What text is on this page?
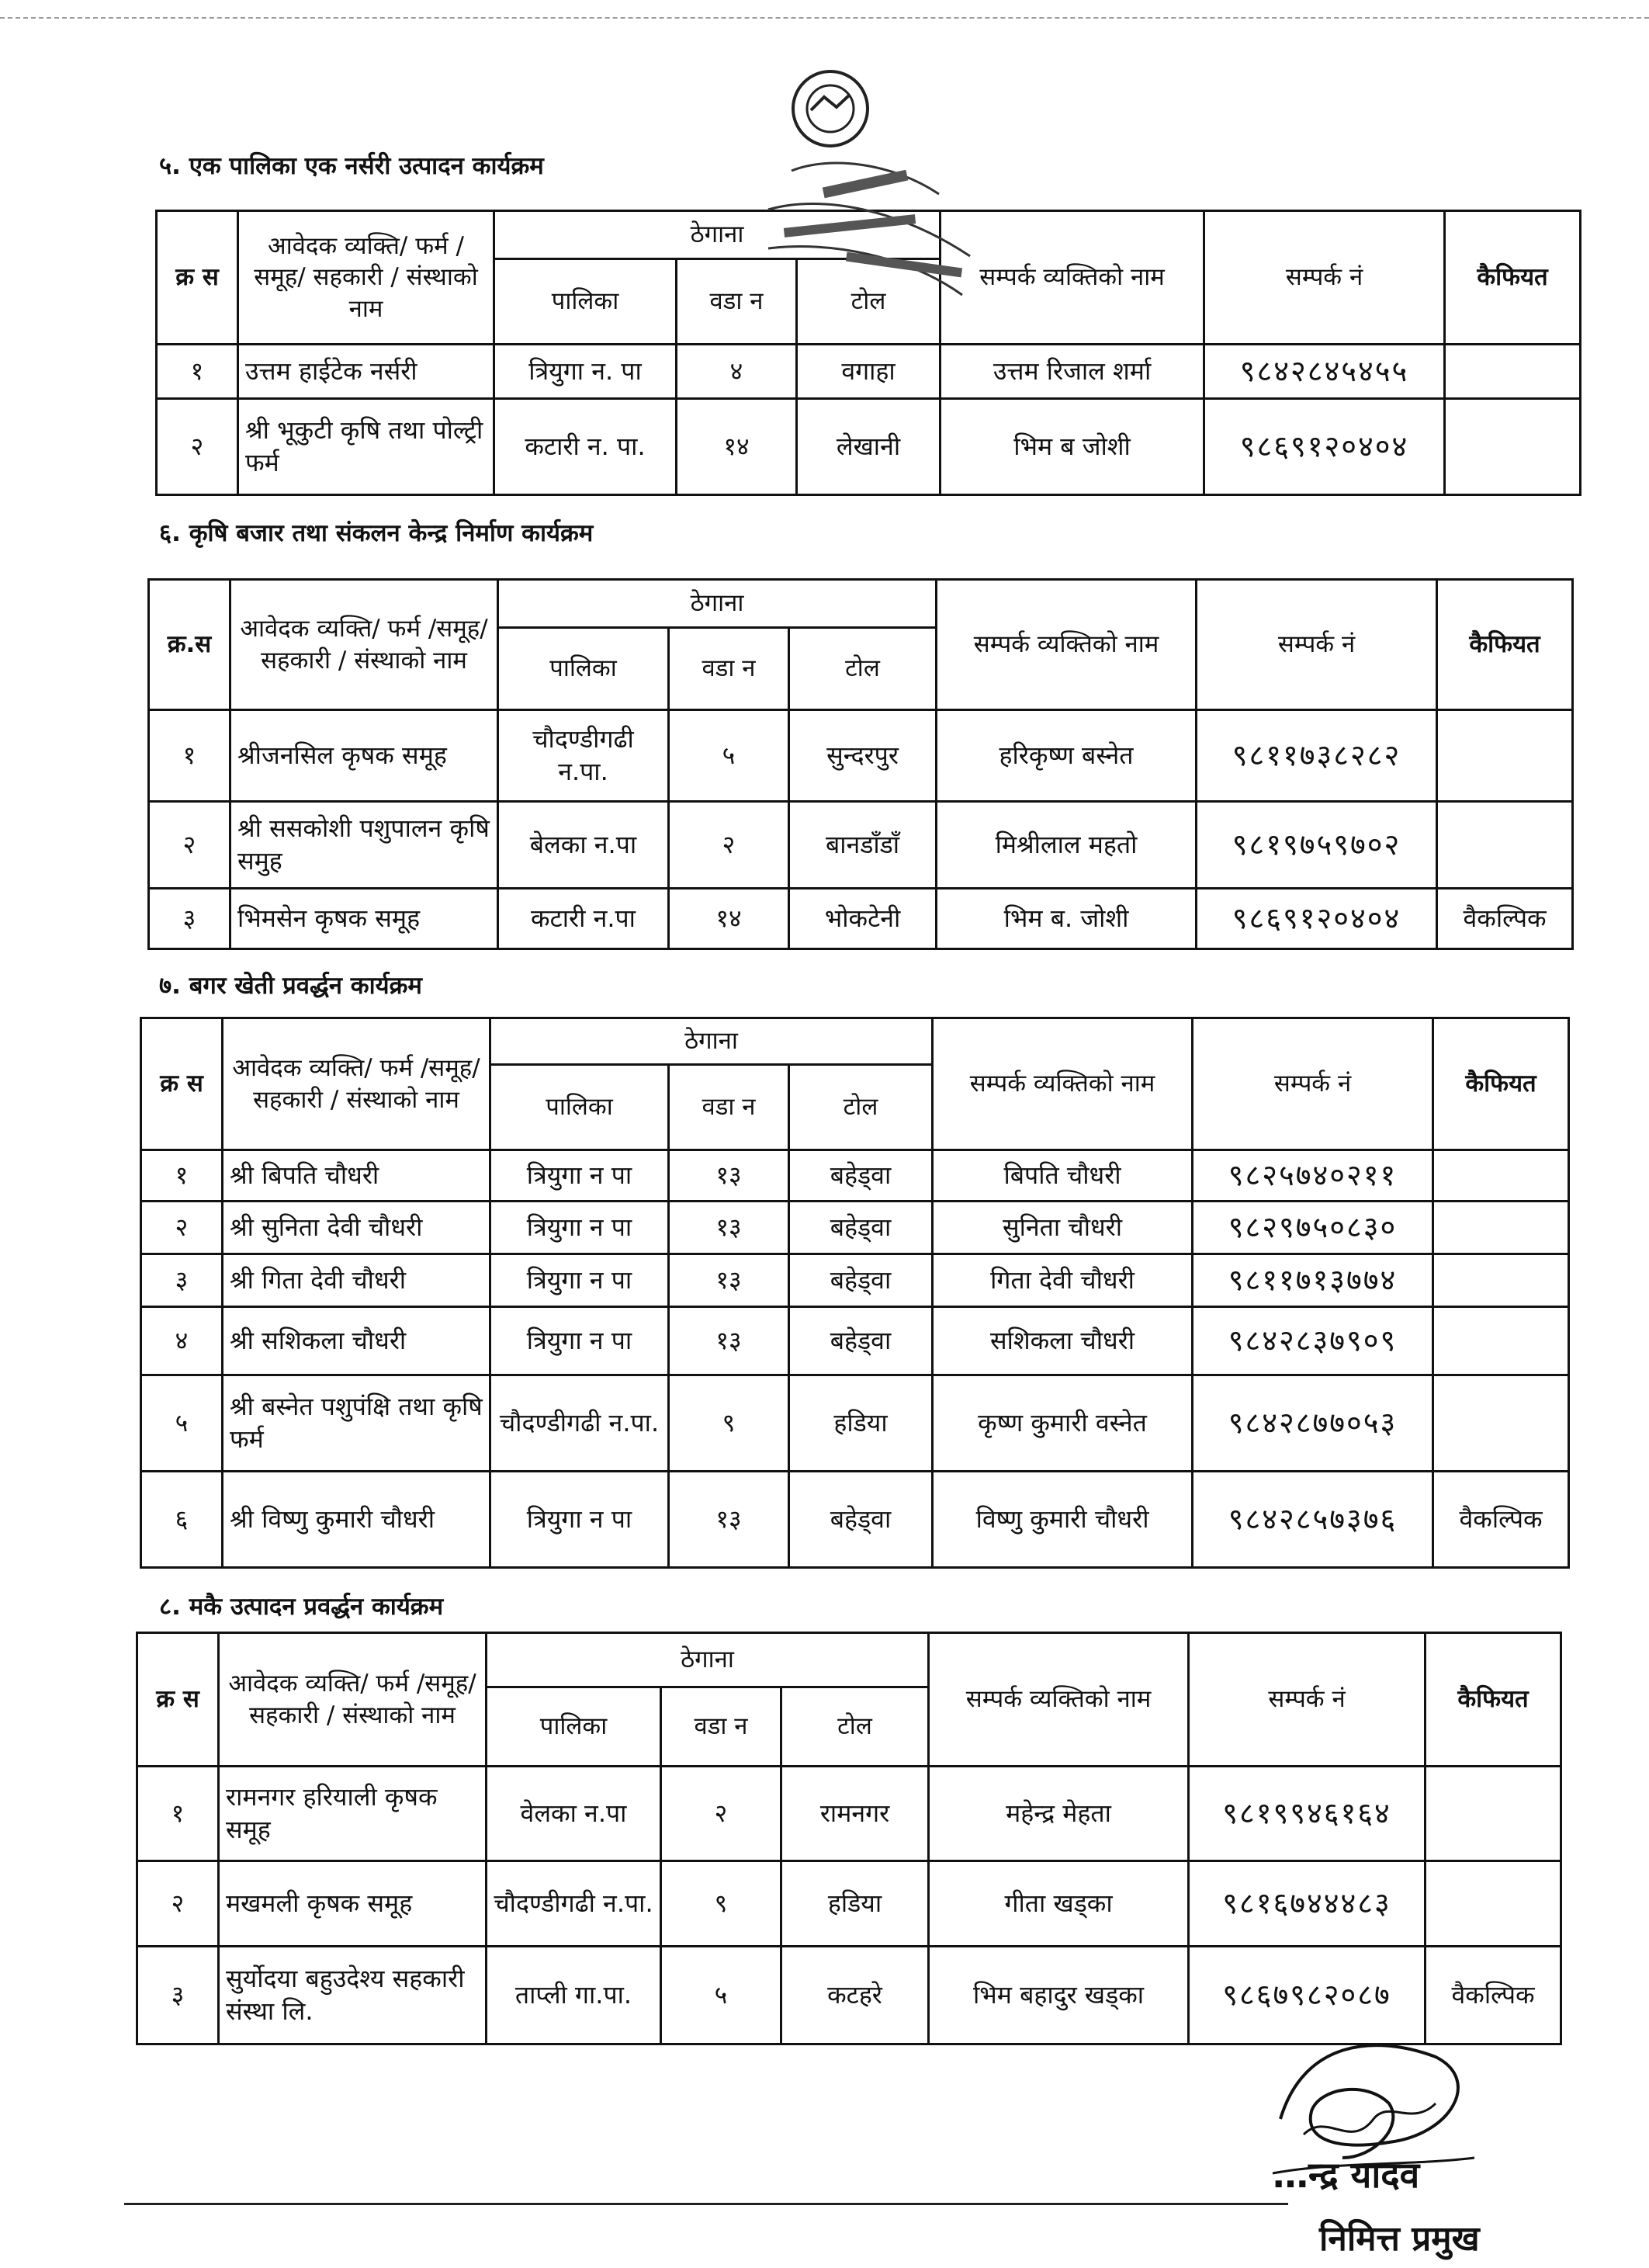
५. एक पालिका एक नर्सरी उत्पादन कार्यक्रम
क्र स	आवेदक व्यक्ति/ फर्म /समूह/ सहकारी / संस्थाको नाम	ठेगाना			सम्पर्क व्यक्तिको नाम	सम्पर्क नं	कैफियत
		पालिका	वडा न	टोल			
१	उत्तम हाईटेक नर्सरी	त्रियुगा न. पा	४	वगाहा	उत्तम रिजाल शर्मा	९८४२८४५४५५	
२	श्री भूकुटी कृषि तथा पोल्ट्री फर्म	कटारी न. पा.	१४	लेखानी	भिम ब जोशी	९८६९१२०४०४	
६. कृषि बजार तथा संकलन केन्द्र निर्माण कार्यक्रम
क्र.स	आवेदक व्यक्ति/ फर्म /समूह/ सहकारी / संस्थाको नाम	ठेगाना			सम्पर्क व्यक्तिको नाम	सम्पर्क नं	कैफियत
		पालिका	वडा न	टोल			
१	श्रीजनसिल कृषक समूह	चौदण्डीगढी न.पा.	५	सुन्दरपुर	हरिकृष्ण बस्नेत	९८११७३८२८२	
२	श्री ससकोशी पशुपालन कृषि समुह	बेलका न.पा	२	बानडाँडाँ	मिश्रीलाल महतो	९८१९७५९७०२	
३	भिमसेन कृषक समूह	कटारी न.पा	१४	भोकटेनी	भिम ब. जोशी	९८६९१२०४०४	वैकल्पिक
७. बगर खेती प्रवर्द्धन कार्यक्रम
क्र स	आवेदक व्यक्ति/ फर्म /समूह/ सहकारी / संस्थाको नाम	ठेगाना			सम्पर्क व्यक्तिको नाम	सम्पर्क नं	कैफियत
		पालिका	वडा न	टोल			
१	श्री बिपति चौधरी	त्रियुगा न पा	१३	बहेड्वा	बिपति चौधरी	९८२५७४०२११	
२	श्री सुनिता देवी चौधरी	त्रियुगा न पा	१३	बहेड्वा	सुनिता चौधरी	९८२९७५०८३०	
३	श्री गिता देवी चौधरी	त्रियुगा न पा	१३	बहेड्वा	गिता देवी चौधरी	९८११७१३७७४	
४	श्री सशिकला चौधरी	त्रियुगा न पा	१३	बहेड्वा	सशिकला चौधरी	९८४२८३७९०९	
५	श्री बस्नेत पशुपंक्षि तथा कृषि फर्म	चौदण्डीगढी न.पा.	९	हडिया	कृष्ण कुमारी वस्नेत	९८४२८७७०५३	
६	श्री विष्णु कुमारी चौधरी	त्रियुगा न पा	१३	बहेड्वा	विष्णु कुमारी चौधरी	९८४२८५७३७६	वैकल्पिक
८. मकै उत्पादन प्रवर्द्धन कार्यक्रम
क्र स	आवेदक व्यक्ति/ फर्म /समूह/ सहकारी / संस्थाको नाम	ठेगाना			सम्पर्क व्यक्तिको नाम	सम्पर्क नं	कैफियत
		पालिका	वडा न	टोल			
१	रामनगर हरियाली कृषक समूह	वेलका न.पा	२	रामनगर	महेन्द्र मेहता	९८१९९४६१६४	
२	मखमली कृषक समूह	चौदण्डीगढी न.पा.	९	हडिया	गीता खड्का	९८१६७४४४८३	
३	सुर्योदया बहुउदेश्य सहकारी संस्था लि.	ताप्ली गा.पा.	५	कटहरे	भिम बहादुर खड्का	९८६७९८२०८७	वैकल्पिक
…न्द्र यादव
निमित्त प्रमुख
